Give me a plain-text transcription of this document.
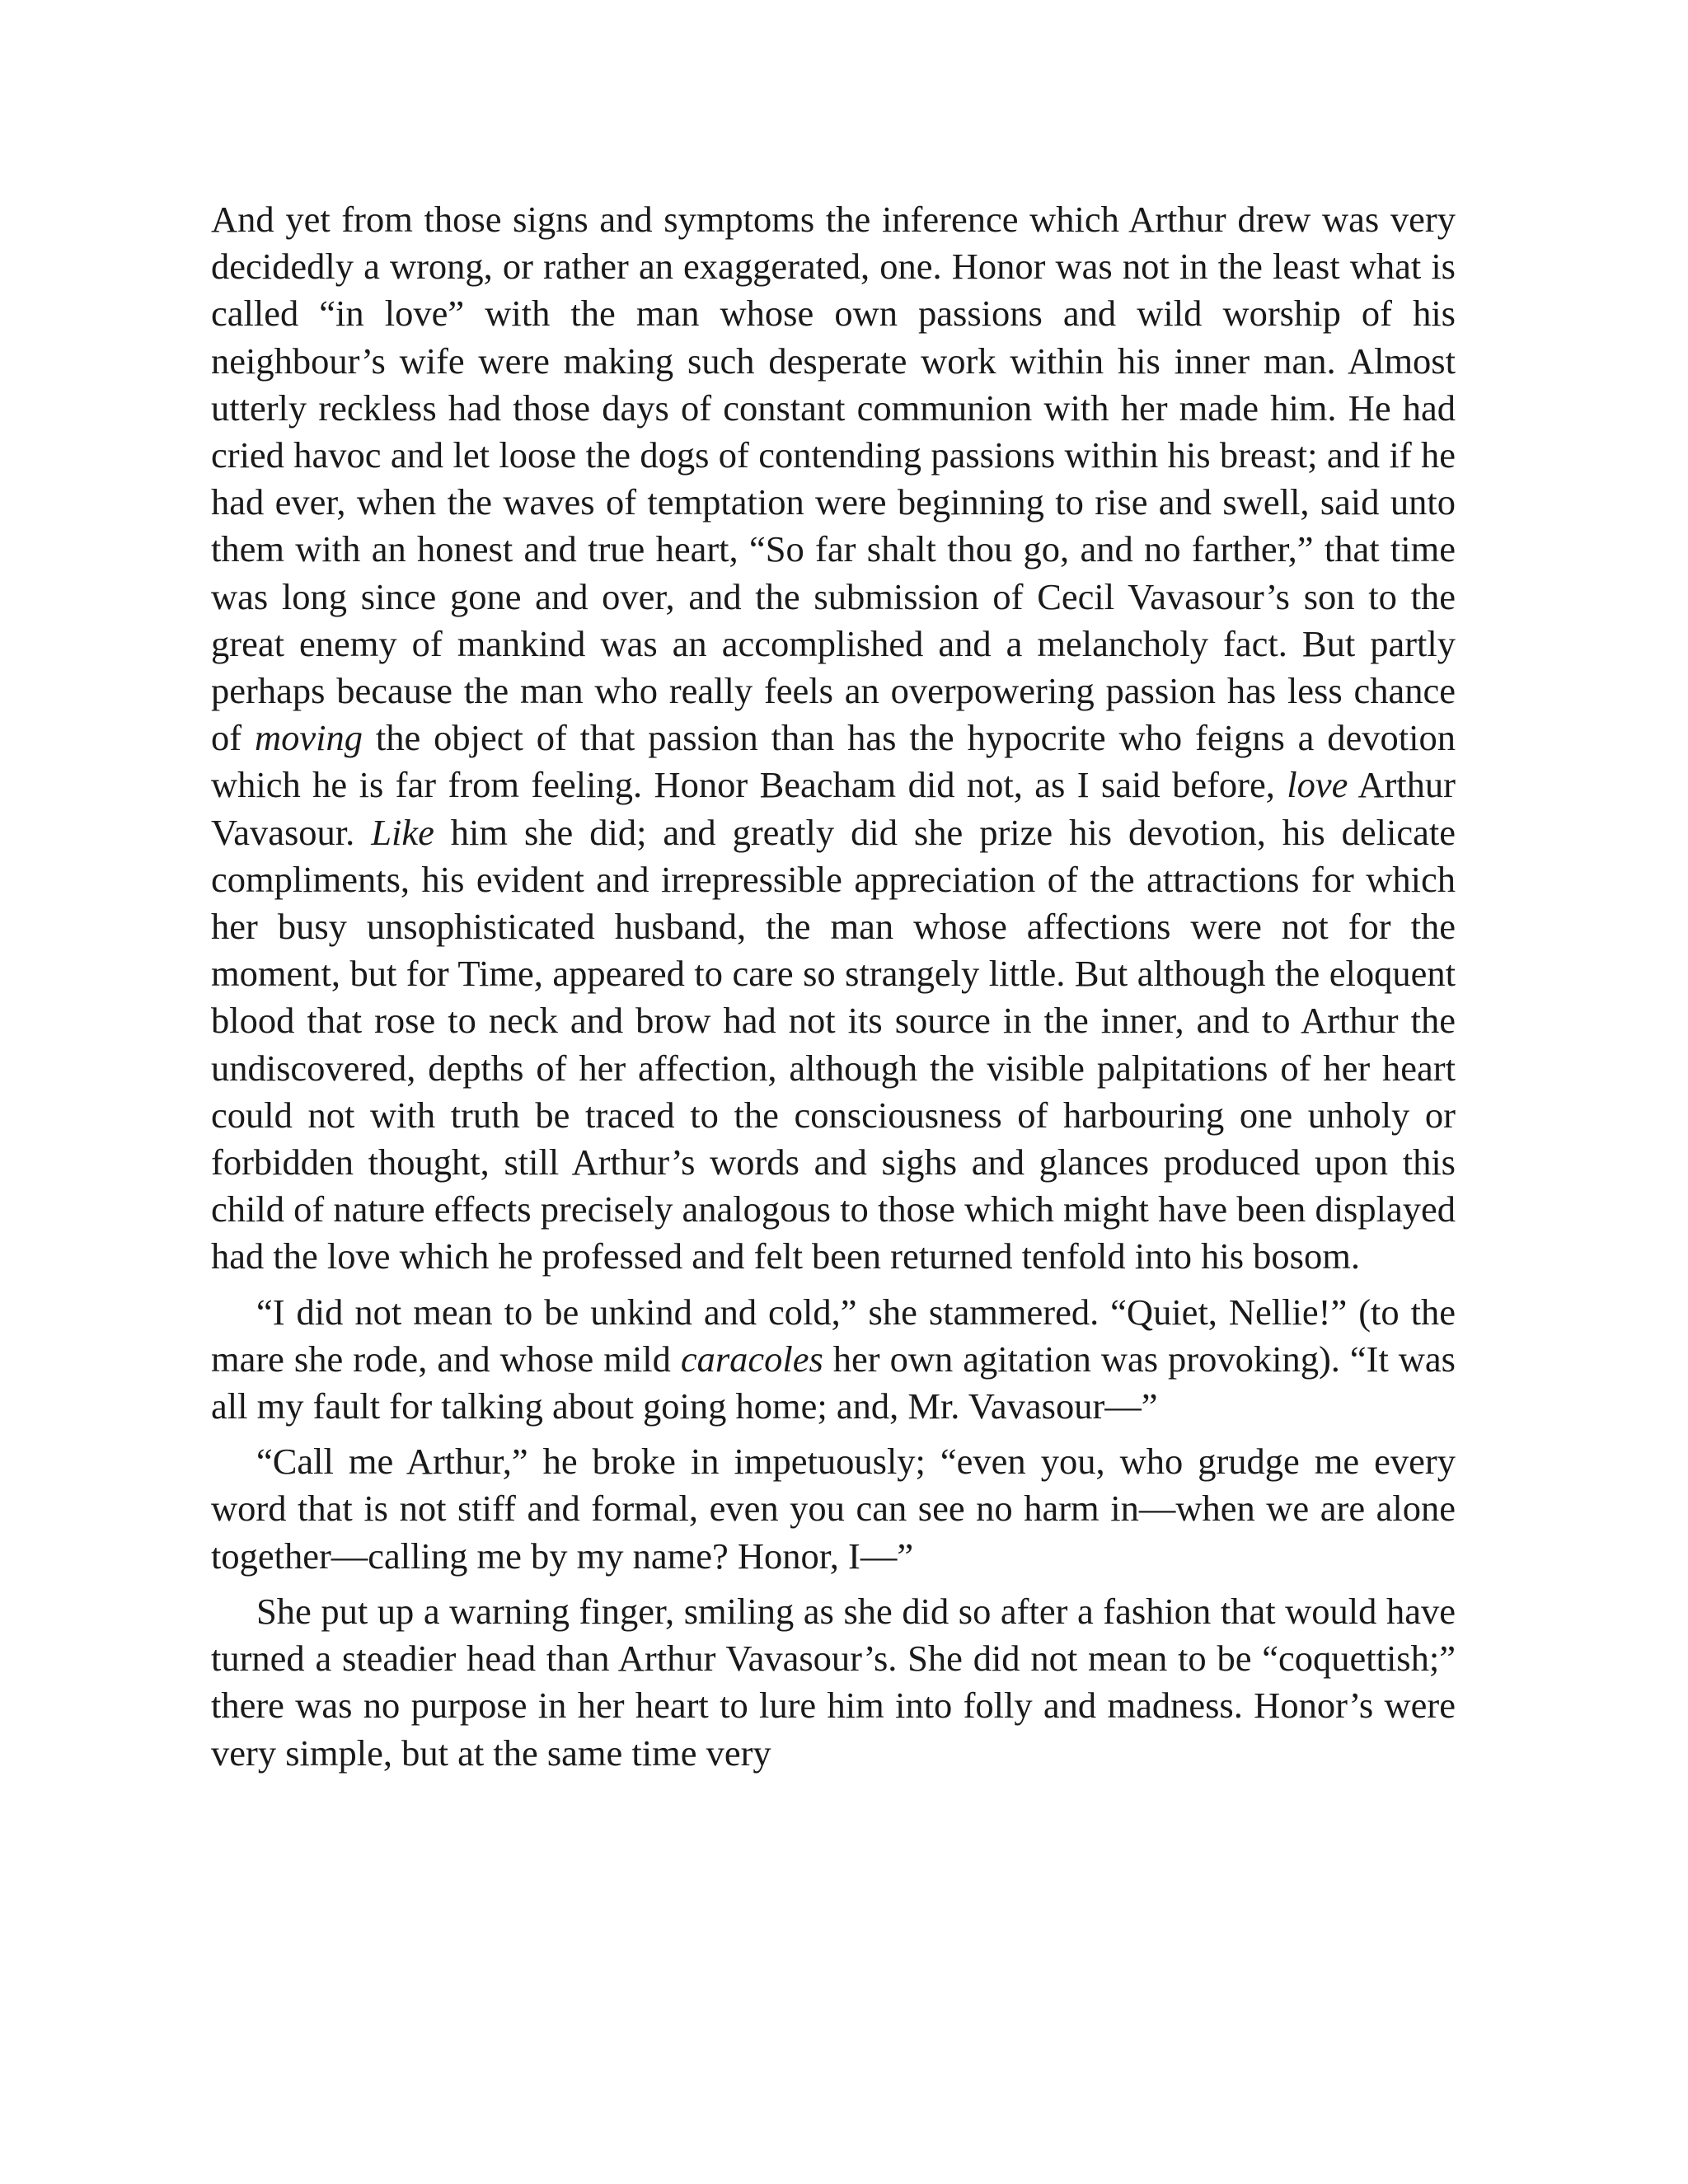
And yet from those signs and symptoms the inference which Arthur drew was very decidedly a wrong, or rather an exaggerated, one. Honor was not in the least what is called “in love” with the man whose own passions and wild worship of his neighbour’s wife were making such desperate work within his inner man. Almost utterly reckless had those days of constant communion with her made him. He had cried havoc and let loose the dogs of contending passions within his breast; and if he had ever, when the waves of temptation were beginning to rise and swell, said unto them with an honest and true heart, “So far shalt thou go, and no farther,” that time was long since gone and over, and the submission of Cecil Vavasour’s son to the great enemy of mankind was an accomplished and a melancholy fact. But partly perhaps because the man who really feels an overpowering passion has less chance of moving the object of that passion than has the hypocrite who feigns a devotion which he is far from feeling. Honor Beacham did not, as I said before, love Arthur Vavasour. Like him she did; and greatly did she prize his devotion, his delicate compliments, his evident and irrepressible appreciation of the attractions for which her busy unsophisticated husband, the man whose affections were not for the moment, but for Time, appeared to care so strangely little. But although the eloquent blood that rose to neck and brow had not its source in the inner, and to Arthur the undiscovered, depths of her affection, although the visible palpitations of her heart could not with truth be traced to the consciousness of harbouring one unholy or forbidden thought, still Arthur’s words and sighs and glances produced upon this child of nature effects precisely analogous to those which might have been displayed had the love which he professed and felt been returned tenfold into his bosom.

“I did not mean to be unkind and cold,” she stammered. “Quiet, Nellie!” (to the mare she rode, and whose mild caracoles her own agitation was provoking). “It was all my fault for talking about going home; and, Mr. Vavasour—”

“Call me Arthur,” he broke in impetuously; “even you, who grudge me every word that is not stiff and formal, even you can see no harm in—when we are alone together—calling me by my name? Honor, I—”

She put up a warning finger, smiling as she did so after a fashion that would have turned a steadier head than Arthur Vavasour’s. She did not mean to be “coquettish;” there was no purpose in her heart to lure him into folly and madness. Honor’s were very simple, but at the same time very
